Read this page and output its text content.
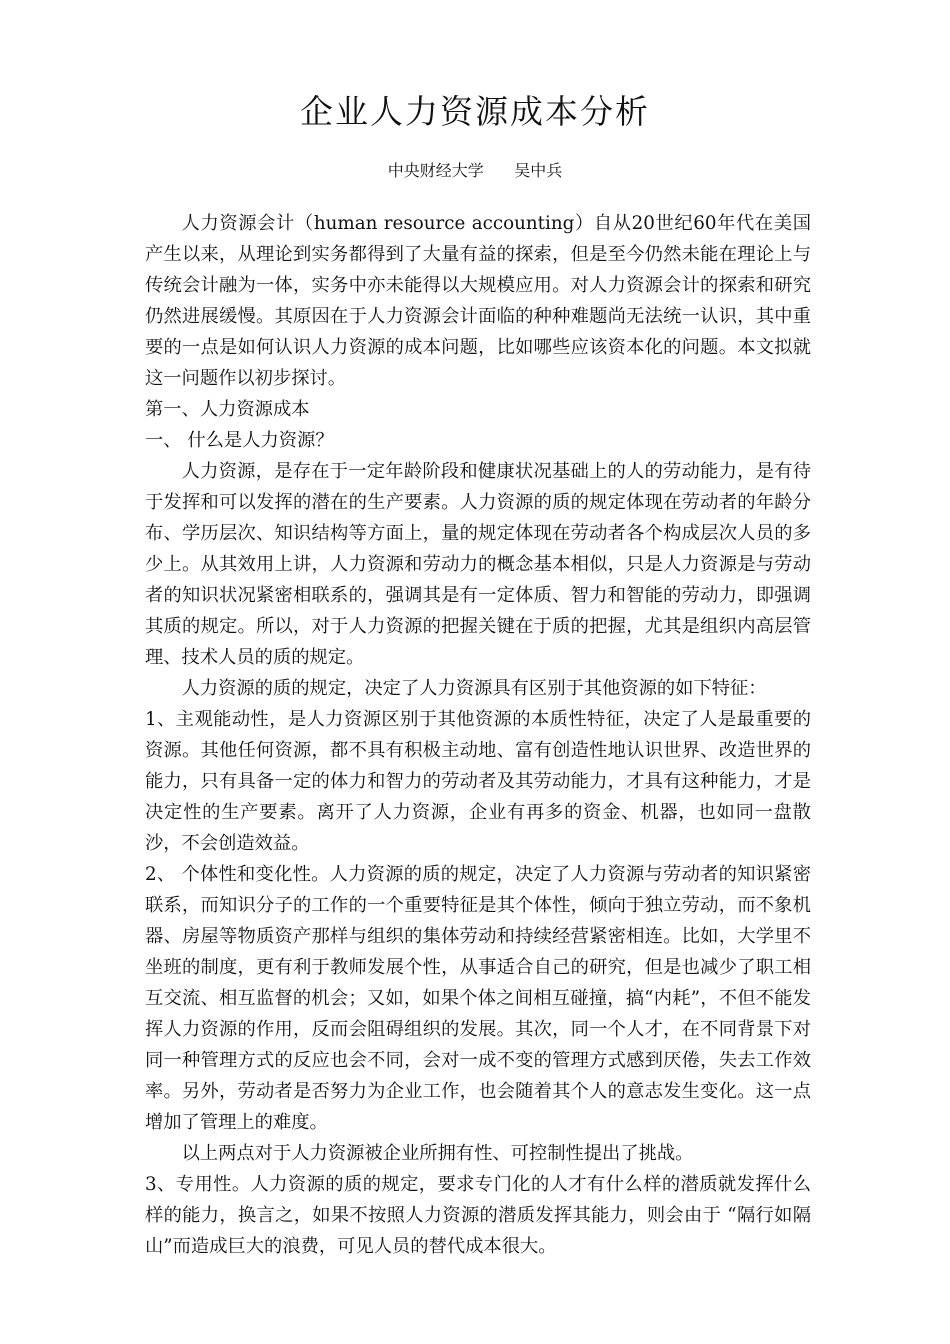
企业人力资源成本分析
中央财经大学      吴中兵

人力资源会计（human resource accounting）自从20世纪60年代在美国产生以来，从理论到实务都得到了大量有益的探索，但是至今仍然未能在理论上与传统会计融为一体，实务中亦未能得以大规模应用。对人力资源会计的探索和研究仍然进展缓慢。其原因在于人力资源会计面临的种种难题尚无法统一认识，其中重要的一点是如何认识人力资源的成本问题，比如哪些应该资本化的问题。本文拟就这一问题作以初步探讨。

第一、人力资源成本

一、 什么是人力资源？

人力资源，是存在于一定年龄阶段和健康状况基础上的人的劳动能力，是有待于发挥和可以发挥的潜在的生产要素。人力资源的质的规定体现在劳动者的年龄分布、学历层次、知识结构等方面上，量的规定体现在劳动者各个构成层次人员的多少上。从其效用上讲，人力资源和劳动力的概念基本相似，只是人力资源是与劳动者的知识状况紧密相联系的，强调其是有一定体质、智力和智能的劳动力，即强调其质的规定。所以，对于人力资源的把握关键在于质的把握，尤其是组织内高层管理、技术人员的质的规定。

人力资源的质的规定，决定了人力资源具有区别于其他资源的如下特征：

1、主观能动性，是人力资源区别于其他资源的本质性特征，决定了人是最重要的资源。其他任何资源，都不具有积极主动地、富有创造性地认识世界、改造世界的能力，只有具备一定的体力和智力的劳动者及其劳动能力，才具有这种能力，才是决定性的生产要素。离开了人力资源，企业有再多的资金、机器，也如同一盘散沙，不会创造效益。

2、 个体性和变化性。人力资源的质的规定，决定了人力资源与劳动者的知识紧密联系，而知识分子的工作的一个重要特征是其个体性，倾向于独立劳动，而不象机器、房屋等物质资产那样与组织的集体劳动和持续经营紧密相连。比如，大学里不坐班的制度，更有利于教师发展个性，从事适合自己的研究，但是也减少了职工相互交流、相互监督的机会；又如，如果个体之间相互碰撞，搞“内耗”，不但不能发挥人力资源的作用，反而会阻碍组织的发展。其次，同一个人才，在不同背景下对同一种管理方式的反应也会不同，会对一成不变的管理方式感到厌倦，失去工作效率。另外，劳动者是否努力为企业工作，也会随着其个人的意志发生变化。这一点增加了管理上的难度。

以上两点对于人力资源被企业所拥有性、可控制性提出了挑战。

3、专用性。人力资源的质的规定，要求专门化的人才有什么样的潜质就发挥什么样的能力，换言之，如果不按照人力资源的潜质发挥其能力，则会由于 “隔行如隔山”而造成巨大的浪费，可见人员的替代成本很大。
